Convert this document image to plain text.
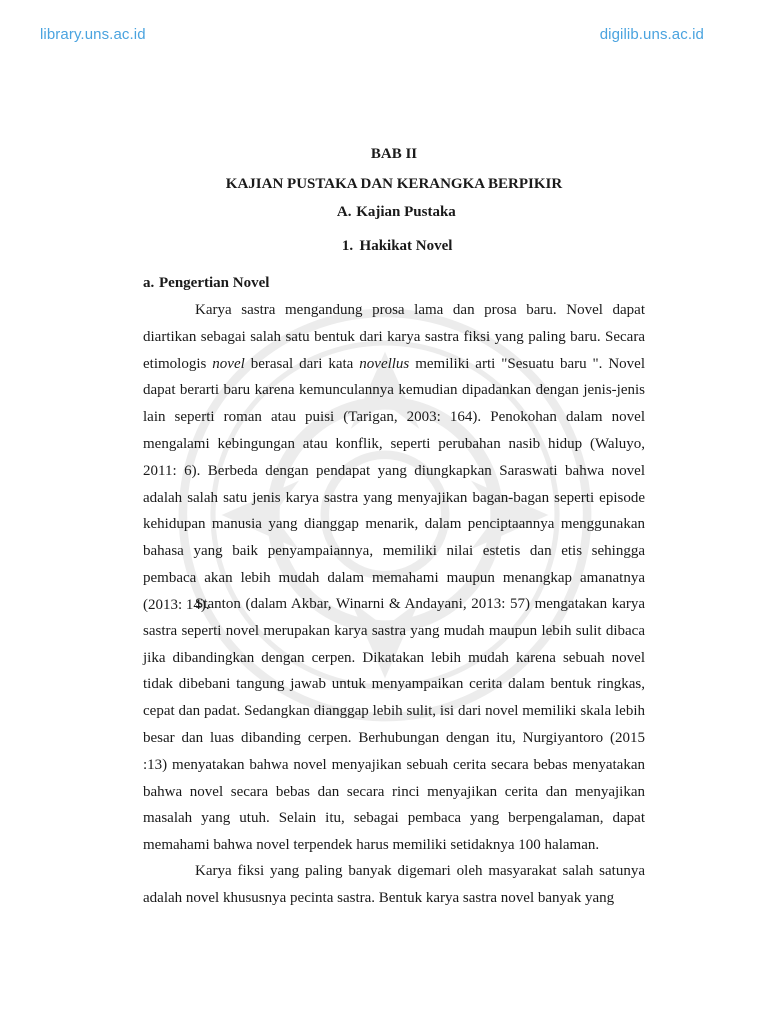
library.uns.ac.id	digilib.uns.ac.id
BAB II
KAJIAN PUSTAKA DAN KERANGKA BERPIKIR
A. Kajian Pustaka
1. Hakikat Novel
a. Pengertian Novel

Karya sastra mengandung prosa lama dan prosa baru. Novel dapat diartikan sebagai salah satu bentuk dari karya sastra fiksi yang paling baru. Secara etimologis novel berasal dari kata novellus memiliki arti "Sesuatu baru ". Novel dapat berarti baru karena kemunculannya kemudian dipadankan dengan jenis-jenis lain seperti roman atau puisi (Tarigan, 2003: 164). Penokohan dalam novel mengalami kebingungan atau konflik, seperti perubahan nasib hidup (Waluyo, 2011: 6). Berbeda dengan pendapat yang diungkapkan Saraswati bahwa novel adalah salah satu jenis karya sastra yang menyajikan bagan-bagan seperti episode kehidupan manusia yang dianggap menarik, dalam penciptaannya menggunakan bahasa yang baik penyampaiannya, memiliki nilai estetis dan etis sehingga pembaca akan lebih mudah dalam memahami maupun menangkap amanatnya (2013: 14).

Stanton (dalam Akbar, Winarni & Andayani, 2013: 57) mengatakan karya sastra seperti novel merupakan karya sastra yang mudah maupun lebih sulit dibaca jika dibandingkan dengan cerpen. Dikatakan lebih mudah karena sebuah novel tidak dibebani tangung jawab untuk menyampaikan cerita dalam bentuk ringkas, cepat dan padat. Sedangkan dianggap lebih sulit, isi dari novel memiliki skala lebih besar dan luas dibanding cerpen. Berhubungan dengan itu, Nurgiyantoro (2015 :13) menyatakan bahwa novel menyajikan sebuah cerita secara bebas menyatakan bahwa novel secara bebas dan secara rinci menyajikan cerita dan menyajikan masalah yang utuh. Selain itu, sebagai pembaca yang berpengalaman, dapat memahami bahwa novel terpendek harus memiliki setidaknya 100 halaman.

Karya fiksi yang paling banyak digemari oleh masyarakat salah satunya adalah novel khususnya pecinta sastra. Bentuk karya sastra novel banyak yang
